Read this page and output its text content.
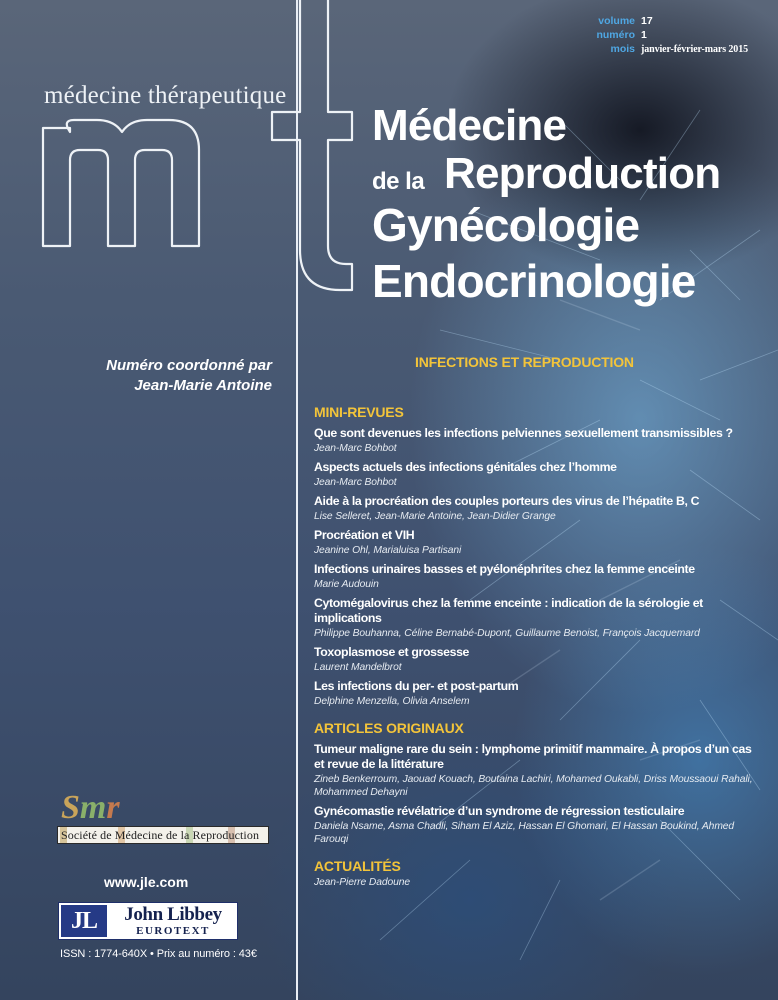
volume 17
numéro 1
mois janvier-février-mars 2015
médecine thérapeutique
Médecine
de la Reproduction
Gynécologie
Endocrinologie
Numéro coordonné par
Jean-Marie Antoine
INFECTIONS ET REPRODUCTION
MINI-REVUES
Que sont devenues les infections pelviennes sexuellement transmissibles ?
Jean-Marc Bohbot
Aspects actuels des infections génitales chez l’homme
Jean-Marc Bohbot
Aide à la procréation des couples porteurs des virus de l’hépatite B, C
Lise Selleret, Jean-Marie Antoine, Jean-Didier Grange
Procréation et VIH
Jeanine Ohl, Marialuisa Partisani
Infections urinaires basses et pyélonéphrites chez la femme enceinte
Marie Audouin
Cytomégalovirus chez la femme enceinte : indication de la sérologie et implications
Philippe Bouhanna, Céline Bernabé-Dupont, Guillaume Benoist, François Jacquemard
Toxoplasmose et grossesse
Laurent Mandelbrot
Les infections du per- et post-partum
Delphine Menzella, Olivia Anselem
ARTICLES ORIGINAUX
Tumeur maligne rare du sein : lymphome primitif mammaire. À propos d’un cas et revue de la littérature
Zineb Benkerroum, Jaouad Kouach, Boutaina Lachiri, Mohamed Oukabli, Driss Moussaoui Rahali, Mohammed Dehayni
Gynécomastie révélatrice d’un syndrome de régression testiculaire
Daniela Nsame, Asma Chadli, Siham El Aziz, Hassan El Ghomari, El Hassan Boukind, Ahmed Farouqi
ACTUALITÉS
Jean-Pierre Dadoune
Smr
Société de Médecine de la Reproduction
www.jle.com
JL	John Libbey
EUROTEXT
ISSN : 1774-640X • Prix au numéro : 43€
